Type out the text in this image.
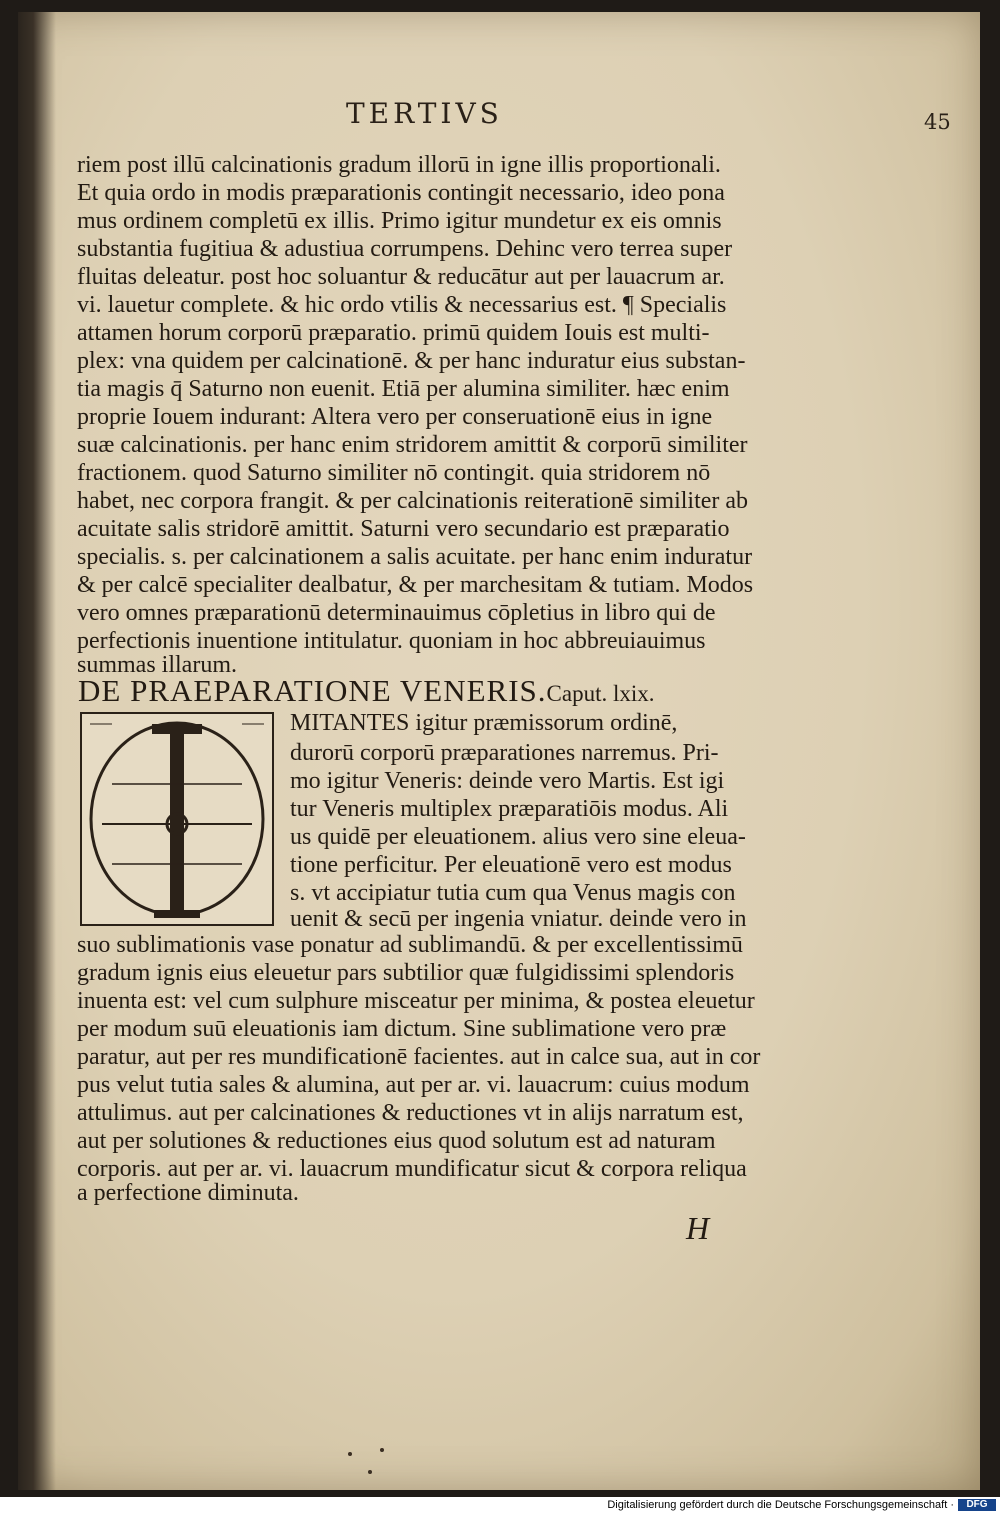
TERTIVS	45
riem post illū calcinationis gradum illorū in igne illis proportionali.
Et quia ordo in modis præparationis contingit necessario, ideo pona
mus ordinem completū ex illis. Primo igitur mundetur ex eis omnis
substantia fugitiua & adustiua corrumpens. Dehinc vero terrea super
fluitas deleatur. post hoc soluantur & reducātur aut per lauacrum ar.
vi. lauetur complete. & hic ordo vtilis & necessarius est. ¶ Specialis
attamen horum corporū præparatio. primū quidem Iouis est multi-
plex: vna quidem per calcinationē. & per hanc induratur eius substan-
tia magis q̄ Saturno non euenit. Etiā per alumina similiter. hæc enim
proprie Iouem indurant: Altera vero per conseruationē eius in igne
suæ calcinationis. per hanc enim stridorem amittit & corporū similiter
fractionem. quod Saturno similiter nō contingit. quia stridorem nō
habet, nec corpora frangit. & per calcinationis reiterationē similiter ab
acuitate salis stridorē amittit. Saturni vero secundario est præparatio
specialis. s. per calcinationem a salis acuitate. per hanc enim induratur
& per calcē specialiter dealbatur, & per marchesitam & tutiam. Modos
vero omnes præparationū determinauimus cōpletius in libro qui de
perfectionis inuentione intitulatur. quoniam in hoc abbreuiauimus
summas illarum.
DE PRAEPARATIONE VENERIS.Caput. lxix.
MITANTES igitur præmissorum ordinē,
durorū corporū præparationes narremus. Pri-
mo igitur Veneris: deinde vero Martis. Est igi
tur Veneris multiplex præparatiōis modus. Ali
us quidē per eleuationem. alius vero sine eleua-
tione perficitur. Per eleuationē vero est modus
s. vt accipiatur tutia cum qua Venus magis con
uenit & secū per ingenia vniatur. deinde vero in
suo sublimationis vase ponatur ad sublimandū. & per excellentissimū
gradum ignis eius eleuetur pars subtilior quæ fulgidissimi splendoris
inuenta est: vel cum sulphure misceatur per minima, & postea eleuetur
per modum suū eleuationis iam dictum. Sine sublimatione vero præ
paratur, aut per res mundificationē facientes. aut in calce sua, aut in cor
pus velut tutia sales & alumina, aut per ar. vi. lauacrum: cuius modum
attulimus. aut per calcinationes & reductiones vt in alijs narratum est,
aut per solutiones & reductiones eius quod solutum est ad naturam
corporis. aut per ar. vi. lauacrum mundificatur sicut & corpora reliqua
a perfectione diminuta.
H
Digitalisierung gefördert durch die Deutsche Forschungsgemeinschaft ·	DFG
